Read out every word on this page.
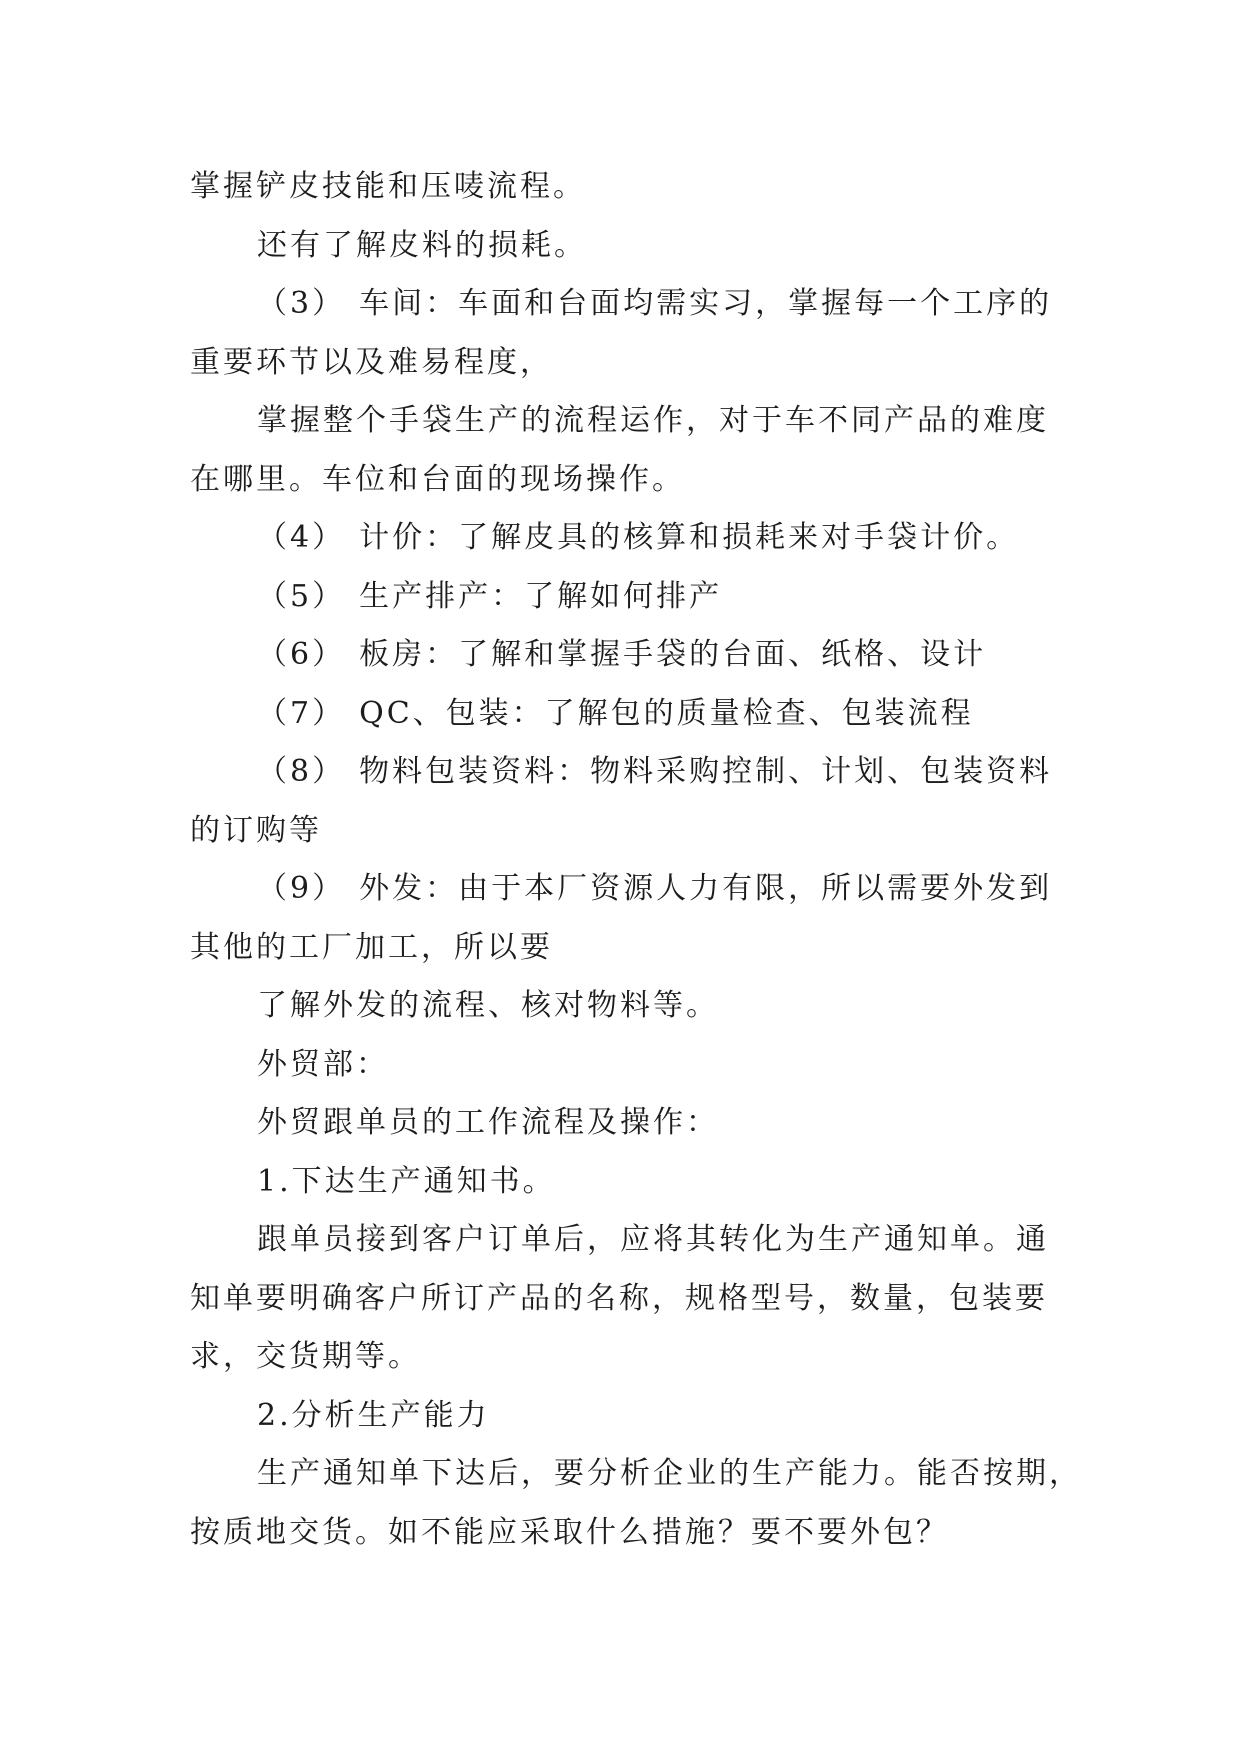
掌握铲皮技能和压唛流程。

还有了解皮料的损耗。

（3） 车间：车面和台面均需实习，掌握每一个工序的

重要环节以及难易程度，

掌握整个手袋生产的流程运作，对于车不同产品的难度

在哪里。车位和台面的现场操作。

（4） 计价：了解皮具的核算和损耗来对手袋计价。

（5） 生产排产：了解如何排产

（6） 板房：了解和掌握手袋的台面、纸格、设计

（7） QC、包装：了解包的质量检查、包装流程

（8） 物料包装资料：物料采购控制、计划、包装资料

的订购等

（9） 外发：由于本厂资源人力有限，所以需要外发到

其他的工厂加工，所以要

了解外发的流程、核对物料等。

外贸部：

外贸跟单员的工作流程及操作：

1.下达生产通知书。

跟单员接到客户订单后，应将其转化为生产通知单。通

知单要明确客户所订产品的名称，规格型号，数量，包装要

求，交货期等。

2.分析生产能力

生产通知单下达后，要分析企业的生产能力。能否按期，

按质地交货。如不能应采取什么措施？要不要外包？
